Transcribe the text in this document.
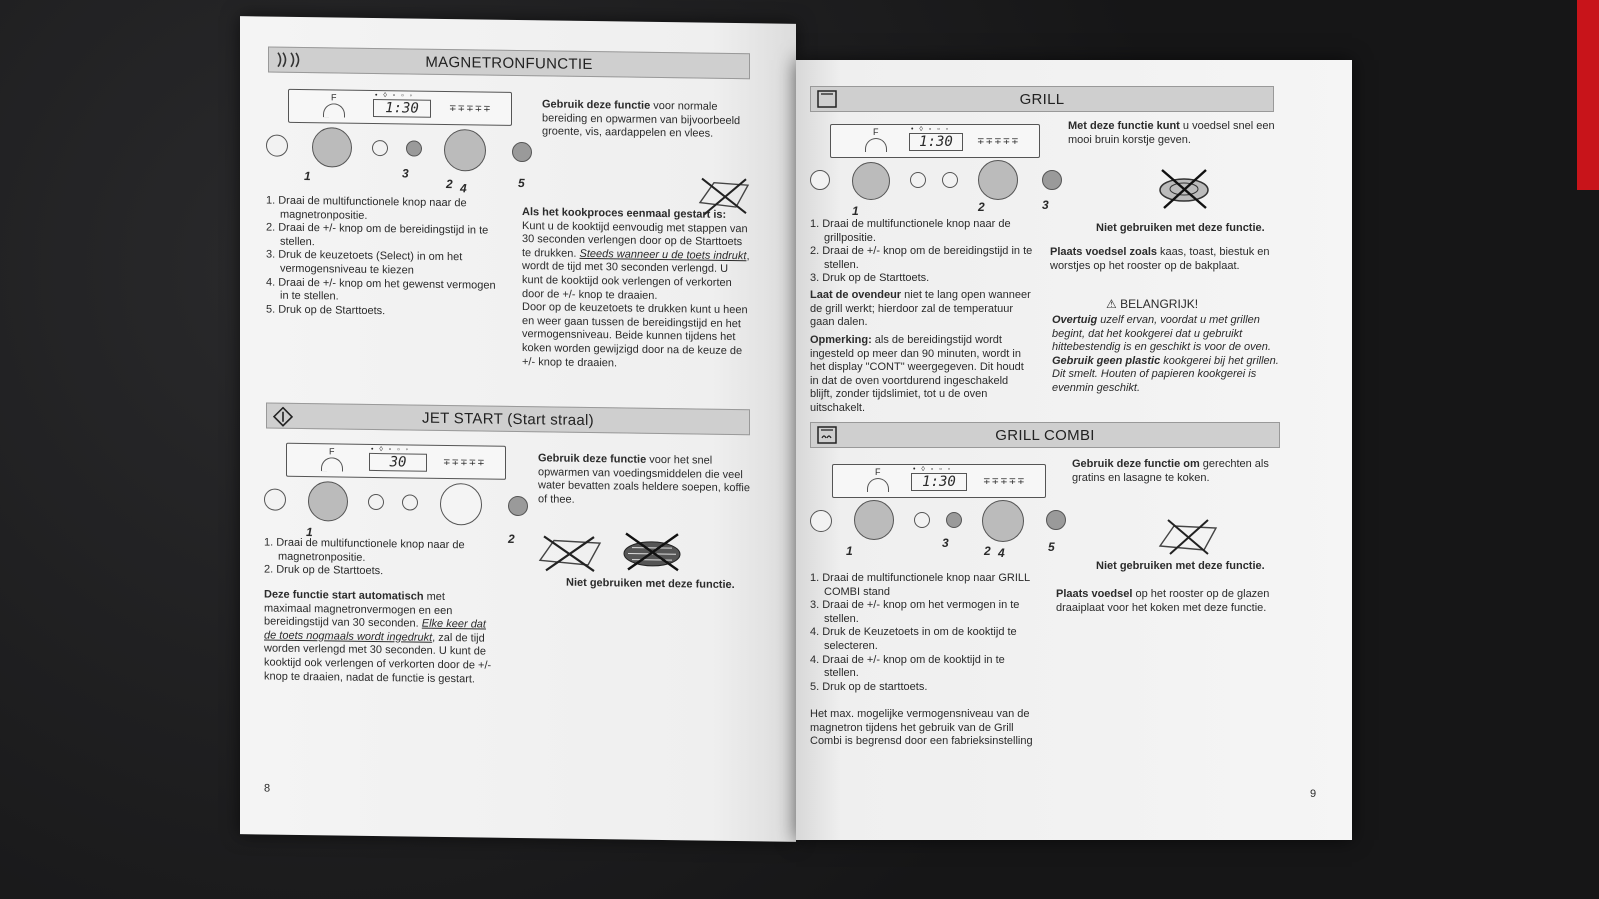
MAGNETRONFUNCTIE
F	• ◊ ▫ ▫ ◦
1:30	∓∓∓∓∓
1	3
2 4	5
Gebruik deze functie voor normale bereiding en opwarmen van bijvoorbeeld groente, vis, aardappelen en vlees.
1. Draai de multifunctionele knop naar de magnetronpositie.
2. Draai de +/- knop om de bereidingstijd in te stellen.
3. Druk de keuzetoets (Select) in om het vermogensniveau te kiezen
4. Draai de +/- knop om het gewenst vermogen in te stellen.
5. Druk op de Starttoets.
Als het kookproces eenmaal gestart is:
Kunt u de kooktijd eenvoudig met stappen van 30 seconden verlengen door op de Starttoets te drukken. Steeds wanneer u de toets indrukt, wordt de tijd met 30 seconden verlengd. U kunt de kooktijd ook verlengen of verkorten door de +/- knop te draaien.
Door op de keuzetoets te drukken kunt u heen en weer gaan tussen de bereidingstijd en het vermogensniveau. Beide kunnen tijdens het koken worden gewijzigd door na de keuze de +/- knop te draaien.
JET START (Start straal)
F	• ◊ ▫ ▫ ◦
30	∓∓∓∓∓
1	2
Gebruik deze functie voor het snel opwarmen van voedingsmiddelen die veel water bevatten zoals heldere soepen, koffie of thee.
Niet gebruiken met deze functie.
1. Draai de multifunctionele knop naar de magnetronpositie.
2. Druk op de Starttoets.
Deze functie start automatisch met maximaal magnetronvermogen en een bereidingstijd van 30 seconden. Elke keer dat de toets nogmaals wordt ingedrukt, zal de tijd worden verlengd met 30 seconden. U kunt de kooktijd ook verlengen of verkorten door de +/- knop te draaien, nadat de functie is gestart.
8
GRILL
F	• ◊ ▫ ▫ ◦
1:30	∓∓∓∓∓
1	2	3
Met deze functie kunt u voedsel snel een mooi bruin korstje geven.
Niet gebruiken met deze functie.
Plaats voedsel zoals kaas, toast, biestuk en worstjes op het rooster op de bakplaat.
1. Draai de multifunctionele knop naar de grillpositie.
2. Draai de +/- knop om de bereidingstijd in te stellen.
3. Druk op de Starttoets.
Laat de ovendeur niet te lang open wanneer de grill werkt; hierdoor zal de temperatuur gaan dalen.
Opmerking: als de bereidingstijd wordt ingesteld op meer dan 90 minuten, wordt in het display "CONT" weergegeven. Dit houdt in dat de oven voortdurend ingeschakeld blijft, zonder tijdslimiet, tot u de oven uitschakelt.
⚠ BELANGRIJK!
Overtuig uzelf ervan, voordat u met grillen begint, dat het kookgerei dat u gebruikt hittebestendig is en geschikt is voor de oven.
Gebruik geen plastic kookgerei bij het grillen. Dit smelt. Houten of papieren kookgerei is evenmin geschikt.
GRILL COMBI
F	• ◊ ▫ ▫ ◦
1:30	∓∓∓∓∓
1
3
2 4	5
Gebruik deze functie om gerechten als gratins en lasagne te koken.
Niet gebruiken met deze functie.
Plaats voedsel op het rooster op de glazen draaiplaat voor het koken met deze functie.
1. Draai de multifunctionele knop naar GRILL COMBI stand
3. Draai de +/- knop om het vermogen in te stellen.
4. Druk de Keuzetoets in om de kooktijd te selecteren.
4. Draai de +/- knop om de kooktijd in te stellen.
5. Druk op de starttoets.
Het max. mogelijke vermogensniveau van de magnetron tijdens het gebruik van de Grill Combi is begrensd door een fabrieksinstelling
9
